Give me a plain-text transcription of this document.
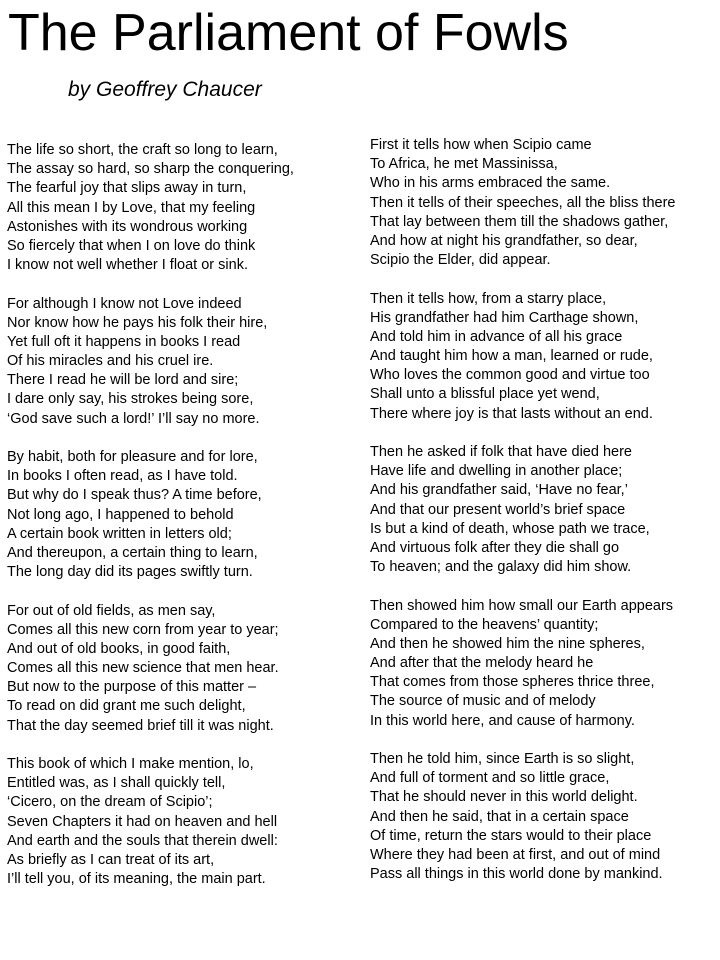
The Parliament of Fowls
by Geoffrey Chaucer
The life so short, the craft so long to learn,
The assay so hard, so sharp the conquering,
The fearful joy that slips away in turn,
All this mean I by Love, that my feeling
Astonishes with its wondrous working
So fiercely that when I on love do think
I know not well whether I float or sink.
For although I know not Love indeed
Nor know how he pays his folk their hire,
Yet full oft it happens in books I read
Of his miracles and his cruel ire.
There I read he will be lord and sire;
I dare only say, his strokes being sore,
‘God save such a lord!’ I’ll say no more.
By habit, both for pleasure and for lore,
In books I often read, as I have told.
But why do I speak thus? A time before,
Not long ago, I happened to behold
A certain book written in letters old;
And thereupon, a certain thing to learn,
The long day did its pages swiftly turn.
For out of old fields, as men say,
Comes all this new corn from year to year;
And out of old books, in good faith,
Comes all this new science that men hear.
But now to the purpose of this matter –
To read on did grant me such delight,
That the day seemed brief till it was night.
This book of which I make mention, lo,
Entitled was, as I shall quickly tell,
‘Cicero, on the dream of Scipio’;
Seven Chapters it had on heaven and hell
And earth and the souls that therein dwell:
As briefly as I can treat of its art,
I’ll tell you, of its meaning, the main part.
First it tells how when Scipio came
To Africa, he met Massinissa,
Who in his arms embraced the same.
Then it tells of their speeches, all the bliss there
That lay between them till the shadows gather,
And how at night his grandfather, so dear,
Scipio the Elder, did appear.
Then it tells how, from a starry place,
His grandfather had him Carthage shown,
And told him in advance of all his grace
And taught him how a man, learned or rude,
Who loves the common good and virtue too
Shall unto a blissful place yet wend,
There where joy is that lasts without an end.
Then he asked if folk that have died here
Have life and dwelling in another place;
And his grandfather said, ‘Have no fear,’
And that our present world’s brief space
Is but a kind of death, whose path we trace,
And virtuous folk after they die shall go
To heaven; and the galaxy did him show.
Then showed him how small our Earth appears
Compared to the heavens’ quantity;
And then he showed him the nine spheres,
And after that the melody heard he
That comes from those spheres thrice three,
The source of music and of melody
In this world here, and cause of harmony.
Then he told him, since Earth is so slight,
And full of torment and so little grace,
That he should never in this world delight.
And then he said, that in a certain space
Of time, return the stars would to their place
Where they had been at first, and out of mind
Pass all things in this world done by mankind.
